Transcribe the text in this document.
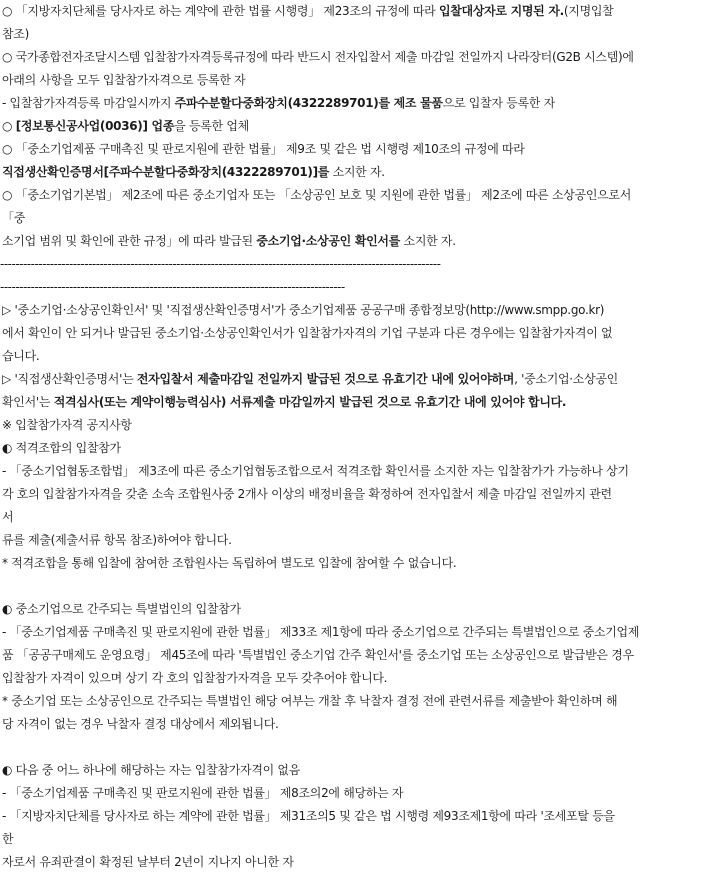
○ 「지방자치단체를 당사자로 하는 계약에 관한 법률 시행령」 제23조의 규정에 따라 입찰대상자로 지명된 자.(지명입찰
참조)
○ 국가종합전자조달시스템 입찰참가자격등록규정에 따라 반드시 전자입찰서 제출 마감일 전일까지 나라장터(G2B 시스템)에
아래의 사항을 모두 입찰참가자격으로 등록한 자
- 입찰참가자격등록 마감일시까지 주파수분할다중화장치(4322289701)를 제조 물품으로 입찰자 등록한 자
○ [정보통신공사업(0036)] 업종을 등록한 업체
○ 「중소기업제품 구매촉진 및 판로지원에 관한 법률」 제9조 및 같은 법 시행령 제10조의 규정에 따라
직접생산확인증명서[주파수분할다중화장치(4322289701)]를 소지한 자.
○ 「중소기업기본법」 제2조에 따른 중소기업자 또는 「소상공인 보호 및 지원에 관한 법률」 제2조에 따른 소상공인으로서
「중
소기업 범위 및 확인에 관한 규정」에 따라 발급된 중소기업·소상공인 확인서를 소지한 자.
-------------------------------------------------------------------------------------------------------------------
------------------------------------------------------------------------------------------
▷ '중소기업·소상공인확인서' 및 '직접생산확인증명서'가 중소기업제품 공공구매 종합정보망(http://www.smpp.go.kr)
에서 확인이 안 되거나 발급된 중소기업·소상공인확인서가 입찰참가자격의 기업 구분과 다른 경우에는 입찰참가자격이 없
습니다.
▷ '직접생산확인증명서'는 전자입찰서 제출마감일 전일까지 발급된 것으로 유효기간 내에 있어야하며, '중소기업·소상공인
확인서'는 적격심사(또는 계약이행능력심사) 서류제출 마감일까지 발급된 것으로 유효기간 내에 있어야 합니다.
※ 입찰참가자격 공지사항
◐ 적격조합의 입찰참가
- 「중소기업협동조합법」 제3조에 따른 중소기업협동조합으로서 적격조합 확인서를 소지한 자는 입찰참가가 가능하나 상기
각 호의 입찰참가자격을 갖춘 소속 조합원사중 2개사 이상의 배정비율을 확정하여 전자입찰서 제출 마감일 전일까지 관련
서
류를 제출(제출서류 항목 참조)하여야 합니다.
* 적격조합을 통해 입찰에 참여한 조합원사는 독립하여 별도로 입찰에 참여할 수 없습니다.
◐ 중소기업으로 간주되는 특별법인의 입찰참가
- 「중소기업제품 구매촉진 및 판로지원에 관한 법률」 제33조 제1항에 따라 중소기업으로 간주되는 특별법인으로 중소기업제
품 「공공구매제도 운영요령」 제45조에 따라 '특별법인 중소기업 간주 확인서'를 중소기업 또는 소상공인으로 발급받은 경우
입찰참가 자격이 있으며 상기 각 호의 입찰참가자격을 모두 갖추어야 합니다.
* 중소기업 또는 소상공인으로 간주되는 특별법인 해당 여부는 개찰 후 낙찰자 결정 전에 관련서류를 제출받아 확인하며 해
당 자격이 없는 경우 낙찰자 결정 대상에서 제외됩니다.
◐ 다음 중 어느 하나에 해당하는 자는 입찰참가자격이 없음
- 「중소기업제품 구매촉진 및 판로지원에 관한 법률」 제8조의2에 해당하는 자
- 「지방자치단체를 당사자로 하는 계약에 관한 법률」 제31조의5 및 같은 법 시행령 제93조제1항에 따라 '조세포탈 등을
한
자로서 유죄판결이 확정된 날부터 2년이 지나지 아니한 자
